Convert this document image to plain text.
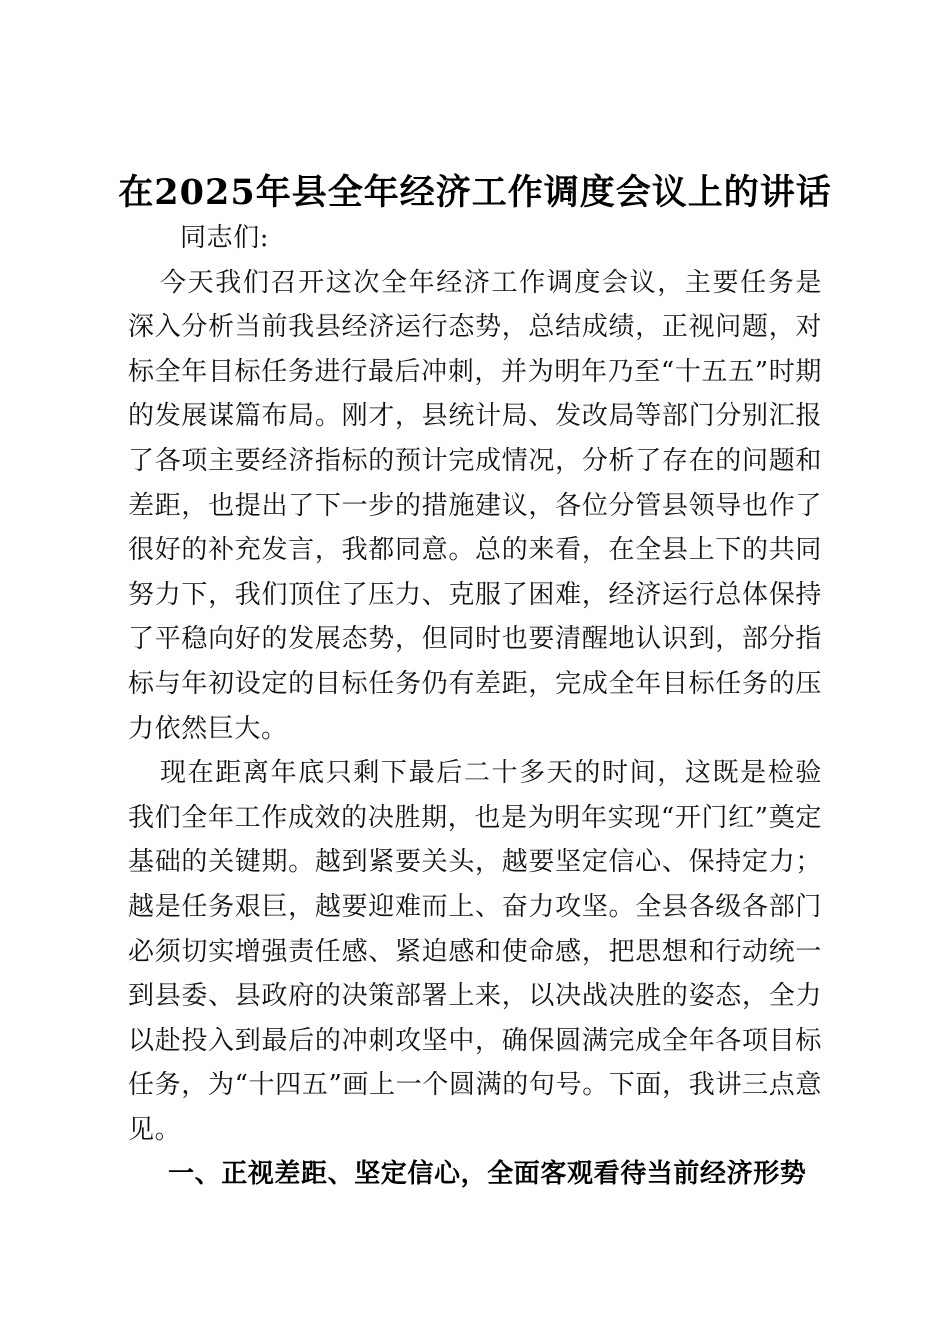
在2025年县全年经济工作调度会议上的讲话

同志们:

今天我们召开这次全年经济工作调度会议，主要任务是深入分析当前我县经济运行态势，总结成绩，正视问题，对标全年目标任务进行最后冲刺，并为明年乃至“十五五”时期的发展谋篇布局。刚才，县统计局、发改局等部门分别汇报了各项主要经济指标的预计完成情况，分析了存在的问题和差距，也提出了下一步的措施建议，各位分管县领导也作了很好的补充发言，我都同意。总的来看，在全县上下的共同努力下，我们顶住了压力、克服了困难，经济运行总体保持了平稳向好的发展态势，但同时也要清醒地认识到，部分指标与年初设定的目标任务仍有差距，完成全年目标任务的压力依然巨大。

现在距离年底只剩下最后二十多天的时间，这既是检验我们全年工作成效的决胜期，也是为明年实现“开门红”奠定基础的关键期。越到紧要关头，越要坚定信心、保持定力；越是任务艰巨，越要迎难而上、奋力攻坚。全县各级各部门必须切实增强责任感、紧迫感和使命感，把思想和行动统一到县委、县政府的决策部署上来，以决战决胜的姿态，全力以赴投入到最后的冲刺攻坚中，确保圆满完成全年各项目标任务，为“十四五”画上一个圆满的句号。下面，我讲三点意见。

一、正视差距、坚定信心，全面客观看待当前经济形势
